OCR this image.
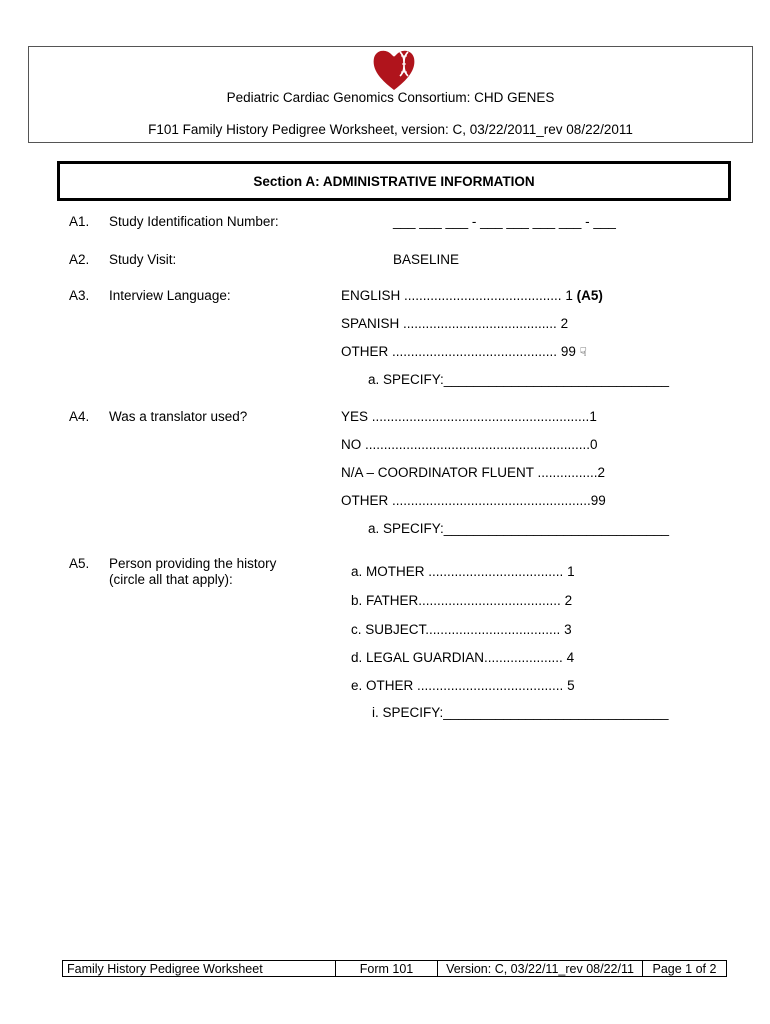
Pediatric Cardiac Genomics Consortium: CHD GENES
F101 Family History Pedigree Worksheet, version: C, 03/22/2011_rev 08/22/2011
Section A: ADMINISTRATIVE INFORMATION
A1. Study Identification Number:	___ ___ ___ - ___ ___ ___ ___ - ___
A2. Study Visit:	BASELINE
A3. Interview Language:	ENGLISH .......................................... 1 (A5)
SPANISH ......................................... 2
OTHER ............................................ 99 ☟
a. SPECIFY:______________________________
A4. Was a translator used?	YES ..........................................................1
NO ............................................................0
N/A – COORDINATOR FLUENT ................2
OTHER .....................................................99
a. SPECIFY:______________________________
A5. Person providing the history
(circle all that apply):
a. MOTHER .................................... 1
b. FATHER...................................... 2
c. SUBJECT.................................... 3
d. LEGAL GUARDIAN..................... 4
e. OTHER ....................................... 5
i. SPECIFY:______________________________
Family History Pedigree Worksheet	Form 101	Version: C, 03/22/11_rev 08/22/11	Page 1 of 2
